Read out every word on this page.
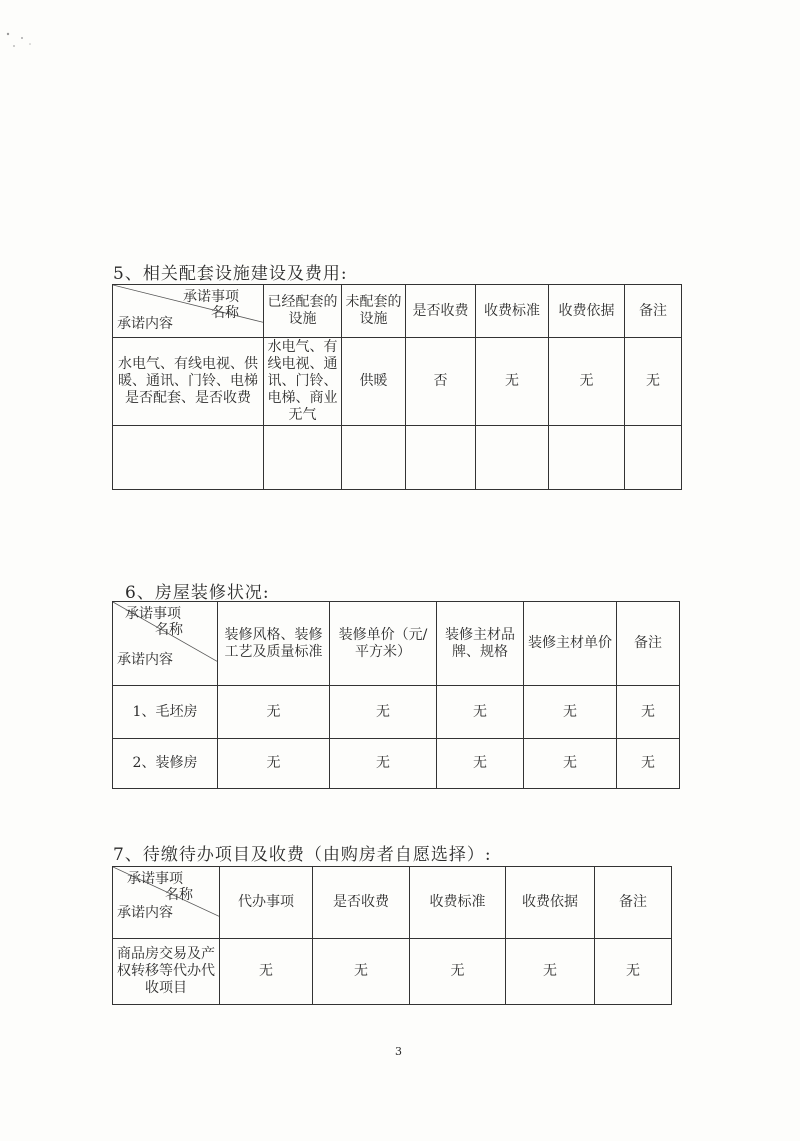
5、相关配套设施建设及费用:
承诺事项
名称
承诺内容	已经配套的设施	未配套的设施	是否收费	收费标准	收费依据	备注
水电气、有线电视、供暖、通讯、门铃、电梯是否配套、是否收费	水电气、有线电视、通讯、门铃、电梯、商业无气	供暖	否	无	无	无

6、房屋装修状况:
承诺事项
名称
承诺内容	装修风格、装修工艺及质量标准	装修单价（元/平方米）	装修主材品牌、规格	装修主材单价	备注
1、毛坯房	无	无	无	无	无
2、装修房	无	无	无	无	无
7、待缴待办项目及收费（由购房者自愿选择）:
承诺事项
名称
承诺内容	代办事项	是否收费	收费标准	收费依据	备注
商品房交易及产权转移等代办代收项目	无	无	无	无	无
3
